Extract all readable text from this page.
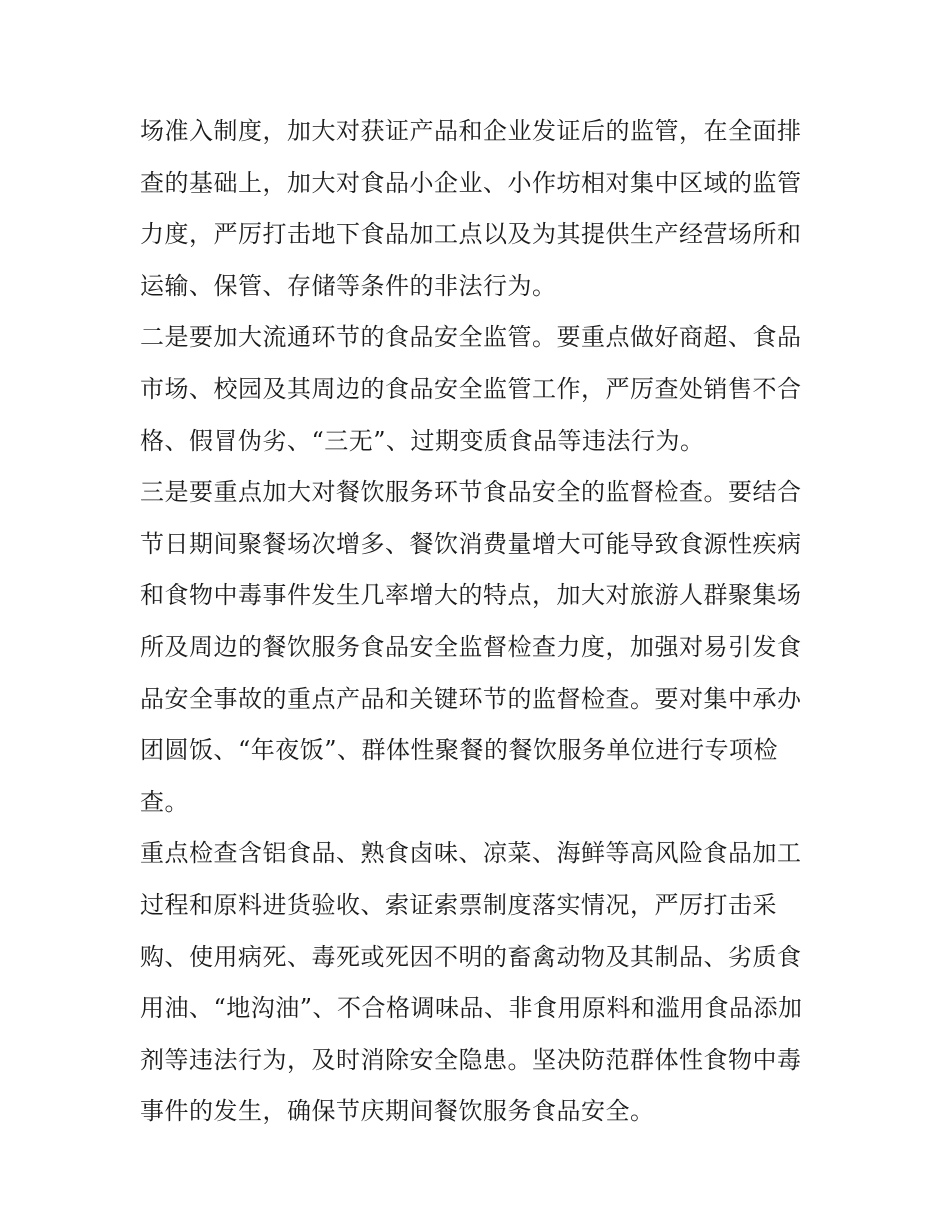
场准入制度，加大对获证产品和企业发证后的监管，在全面排
查的基础上，加大对食品小企业、小作坊相对集中区域的监管
力度，严厉打击地下食品加工点以及为其提供生产经营场所和
运输、保管、存储等条件的非法行为。
二是要加大流通环节的食品安全监管。要重点做好商超、食品
市场、校园及其周边的食品安全监管工作，严厉查处销售不合
格、假冒伪劣、“三无”、过期变质食品等违法行为。
三是要重点加大对餐饮服务环节食品安全的监督检查。要结合
节日期间聚餐场次增多、餐饮消费量增大可能导致食源性疾病
和食物中毒事件发生几率增大的特点，加大对旅游人群聚集场
所及周边的餐饮服务食品安全监督检查力度，加强对易引发食
品安全事故的重点产品和关键环节的监督检查。要对集中承办
团圆饭、“年夜饭”、群体性聚餐的餐饮服务单位进行专项检
查。
重点检查含铝食品、熟食卤味、凉菜、海鲜等高风险食品加工
过程和原料进货验收、索证索票制度落实情况，严厉打击采
购、使用病死、毒死或死因不明的畜禽动物及其制品、劣质食
用油、“地沟油”、不合格调味品、非食用原料和滥用食品添加
剂等违法行为，及时消除安全隐患。坚决防范群体性食物中毒
事件的发生，确保节庆期间餐饮服务食品安全。
